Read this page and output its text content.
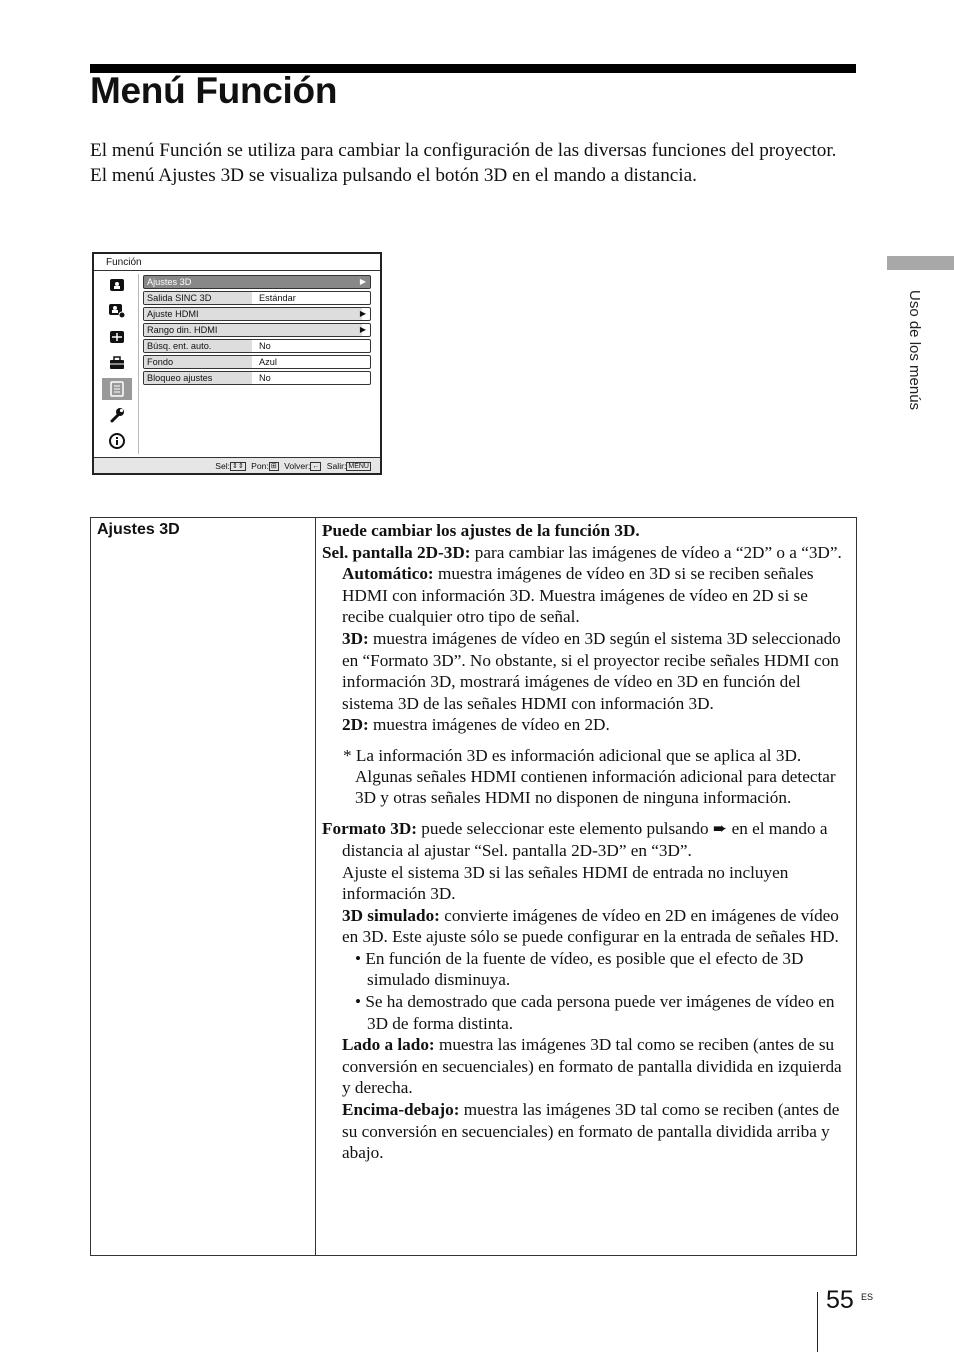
Menú Función

El menú Función se utiliza para cambiar la configuración de las diversas funciones del proyector.

El menú Ajustes 3D se visualiza pulsando el botón 3D en el mando a distancia.

Uso de los menús
Función
Ajustes 3D	▶
Salida SINC 3D	Estándar
Ajuste HDMI	▶
Rango din. HDMI	▶
Búsq. ent. auto.	No
Fondo	Azul
Bloqueo ajustes	No
Sel: ⇕⇕ Pon: ⊞ Volver: ← Salir: MENU
Ajustes 3D	Puede cambiar los ajustes de la función 3D.

Sel. pantalla 2D-3D: para cambiar las imágenes de vídeo a “2D” o a “3D”.

Automático: muestra imágenes de vídeo en 3D si se reciben señales HDMI con información 3D. Muestra imágenes de vídeo en 2D si se recibe cualquier otro tipo de señal.

3D: muestra imágenes de vídeo en 3D según el sistema 3D seleccionado en “Formato 3D”. No obstante, si el proyector recibe señales HDMI con información 3D, mostrará imágenes de vídeo en 3D en función del sistema 3D de las señales HDMI con información 3D.

2D: muestra imágenes de vídeo en 2D.

* La información 3D es información adicional que se aplica al 3D. Algunas señales HDMI contienen información adicional para detectar 3D y otras señales HDMI no disponen de ninguna información.

Formato 3D: puede seleccionar este elemento pulsando ➨ en el mando a distancia al ajustar “Sel. pantalla 2D-3D” en “3D”.

Ajuste el sistema 3D si las señales HDMI de entrada no incluyen información 3D.

3D simulado: convierte imágenes de vídeo en 2D en imágenes de vídeo en 3D. Este ajuste sólo se puede configurar en la entrada de señales HD.

• En función de la fuente de vídeo, es posible que el efecto de 3D simulado disminuya.

• Se ha demostrado que cada persona puede ver imágenes de vídeo en 3D de forma distinta.

Lado a lado: muestra las imágenes 3D tal como se reciben (antes de su conversión en secuenciales) en formato de pantalla dividida en izquierda y derecha.

Encima-debajo: muestra las imágenes 3D tal como se reciben (antes de su conversión en secuenciales) en formato de pantalla dividida arriba y abajo.

55 ES
